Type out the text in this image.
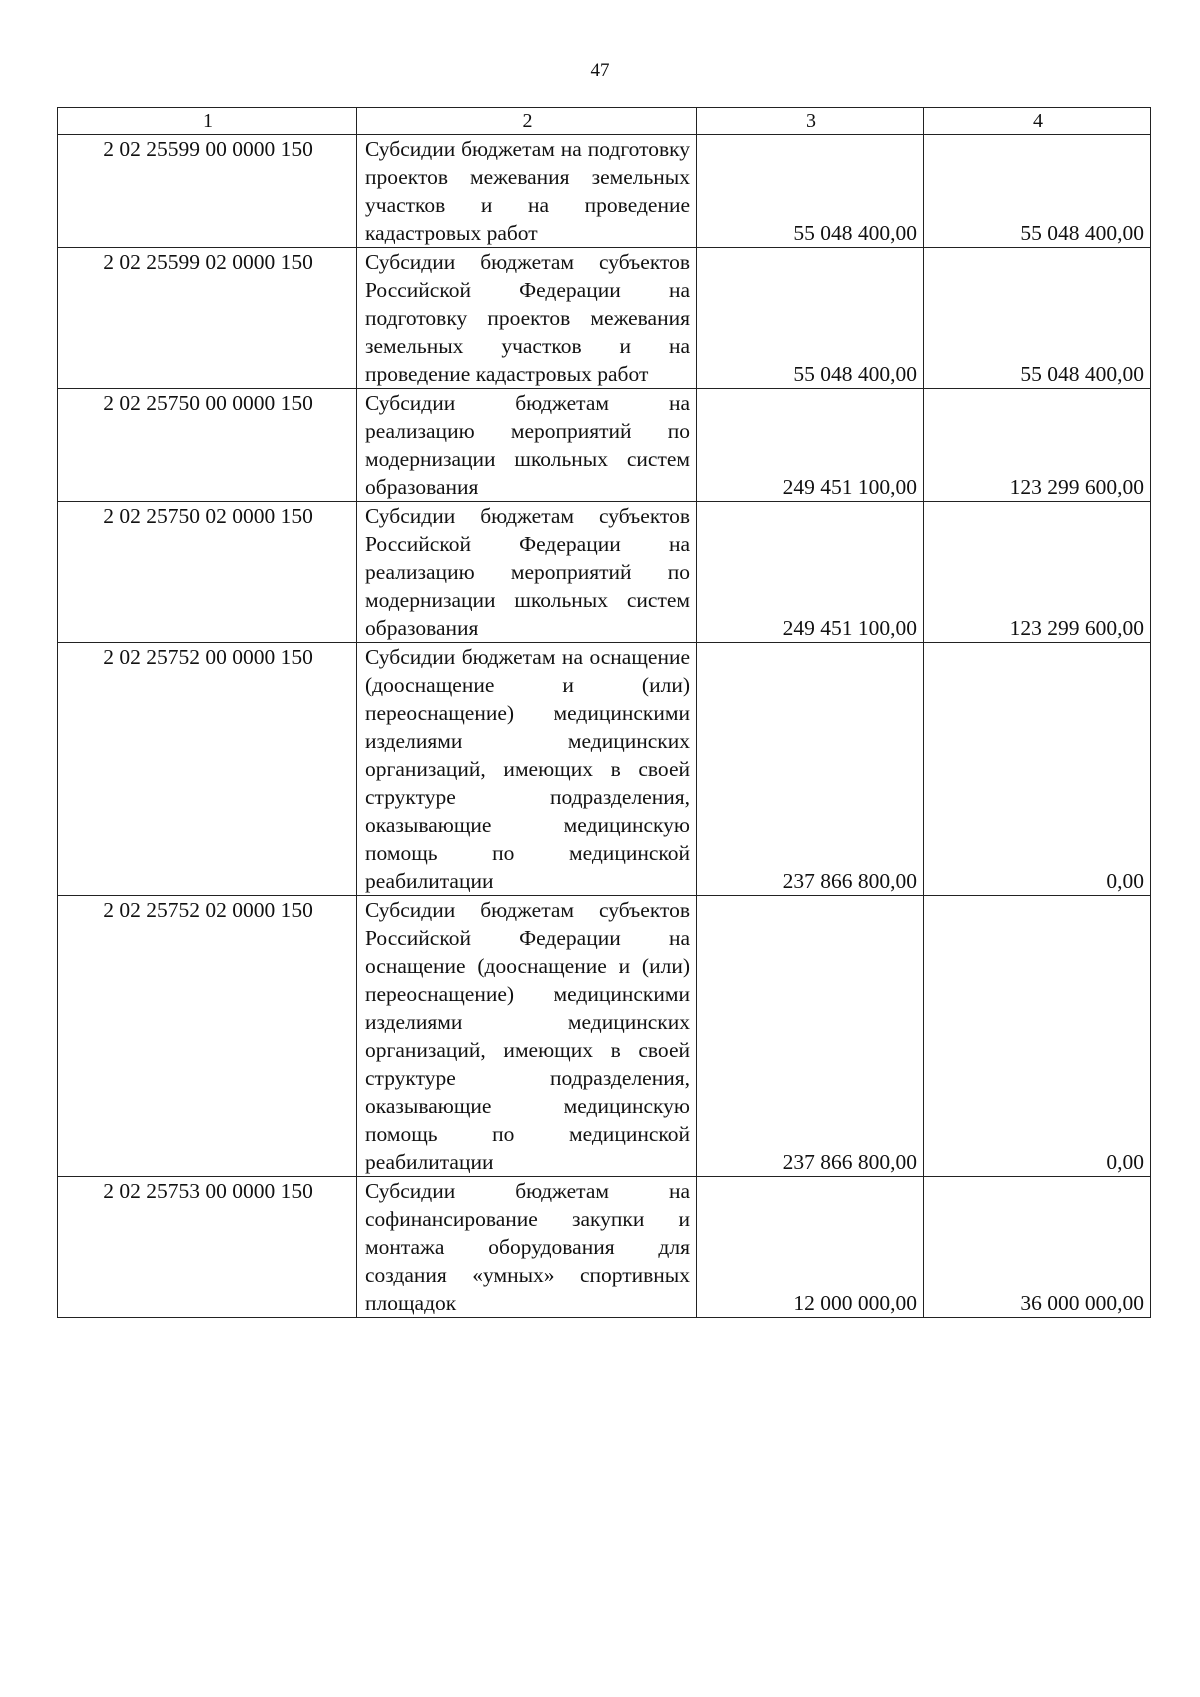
47
1	2	3	4
2 02 25599 00 0000 150	Субсидии бюджетам на подготовку проектов межевания земельных участков и на проведение кадастровых работ	55 048 400,00	55 048 400,00
2 02 25599 02 0000 150	Субсидии бюджетам субъектов Российской Федерации на подготовку проектов межевания земельных участков и на проведение кадастровых работ	55 048 400,00	55 048 400,00
2 02 25750 00 0000 150	Субсидии бюджетам на реализацию мероприятий по модернизации школьных систем образования	249 451 100,00	123 299 600,00
2 02 25750 02 0000 150	Субсидии бюджетам субъектов Российской Федерации на реализацию мероприятий по модернизации школьных систем образования	249 451 100,00	123 299 600,00
2 02 25752 00 0000 150	Субсидии бюджетам на оснащение (дооснащение и (или) переоснащение) медицинскими изделиями медицинских организаций, имеющих в своей структуре подразделения, оказывающие медицинскую помощь по медицинской реабилитации	237 866 800,00	0,00
2 02 25752 02 0000 150	Субсидии бюджетам субъектов Российской Федерации на оснащение (дооснащение и (или) переоснащение) медицинскими изделиями медицинских организаций, имеющих в своей структуре подразделения, оказывающие медицинскую помощь по медицинской реабилитации	237 866 800,00	0,00
2 02 25753 00 0000 150	Субсидии бюджетам на софинансирование закупки и монтажа оборудования для создания «умных» спортивных площадок	12 000 000,00	36 000 000,00
